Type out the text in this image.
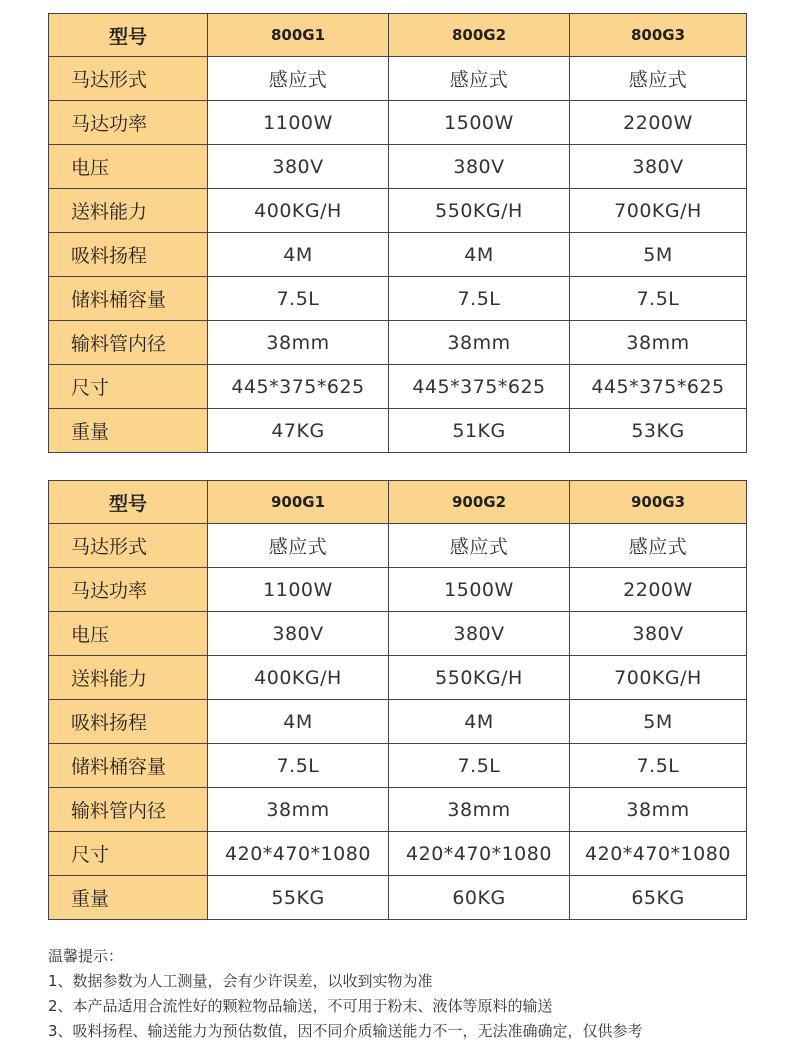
型号	800G1	800G2	800G3
马达形式	感应式	感应式	感应式
马达功率	1100W	1500W	2200W
电压	380V	380V	380V
送料能力	400KG/H	550KG/H	700KG/H
吸料扬程	4M	4M	5M
储料桶容量	7.5L	7.5L	7.5L
输料管内径	38mm	38mm	38mm
尺寸	445*375*625	445*375*625	445*375*625
重量	47KG	51KG	53KG
型号	900G1	900G2	900G3
马达形式	感应式	感应式	感应式
马达功率	1100W	1500W	2200W
电压	380V	380V	380V
送料能力	400KG/H	550KG/H	700KG/H
吸料扬程	4M	4M	5M
储料桶容量	7.5L	7.5L	7.5L
输料管内径	38mm	38mm	38mm
尺寸	420*470*1080	420*470*1080	420*470*1080
重量	55KG	60KG	65KG
温馨提示：
1、数据参数为人工测量，会有少许误差，以收到实物为准
2、本产品适用合流性好的颗粒物品输送，不可用于粉末、液体等原料的输送
3、吸料扬程、输送能力为预估数值，因不同介质输送能力不一，无法准确确定，仅供参考
